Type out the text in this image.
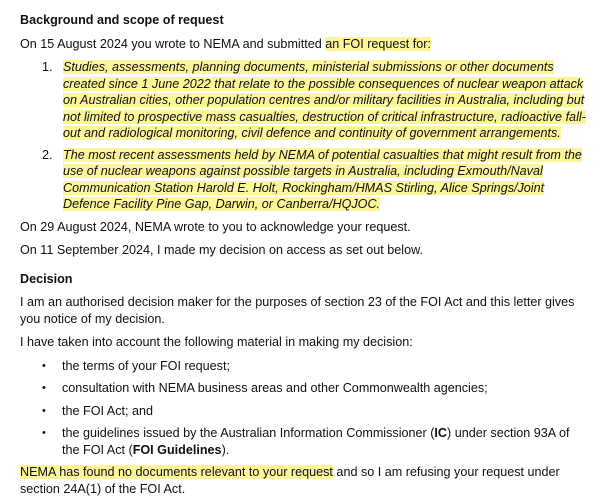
Background and scope of request

On 15 August 2024 you wrote to NEMA and submitted an FOI request for:

1. Studies, assessments, planning documents, ministerial submissions or other documents created since 1 June 2022 that relate to the possible consequences of nuclear weapon attack on Australian cities, other population centres and/or military facilities in Australia, including but not limited to prospective mass casualties, destruction of critical infrastructure, radioactive fall-out and radiological monitoring, civil defence and continuity of government arrangements.
2. The most recent assessments held by NEMA of potential casualties that might result from the use of nuclear weapons against possible targets in Australia, including Exmouth/Naval Communication Station Harold E. Holt, Rockingham/HMAS Stirling, Alice Springs/Joint Defence Facility Pine Gap, Darwin, or Canberra/HQJOC.

On 29 August 2024, NEMA wrote to you to acknowledge your request.

On 11 September 2024, I made my decision on access as set out below.

Decision

I am an authorised decision maker for the purposes of section 23 of the FOI Act and this letter gives you notice of my decision.

I have taken into account the following material in making my decision:

• the terms of your FOI request;
• consultation with NEMA business areas and other Commonwealth agencies;
• the FOI Act; and
• the guidelines issued by the Australian Information Commissioner (IC) under section 93A of the FOI Act (FOI Guidelines).

NEMA has found no documents relevant to your request and so I am refusing your request under section 24A(1) of the FOI Act.
